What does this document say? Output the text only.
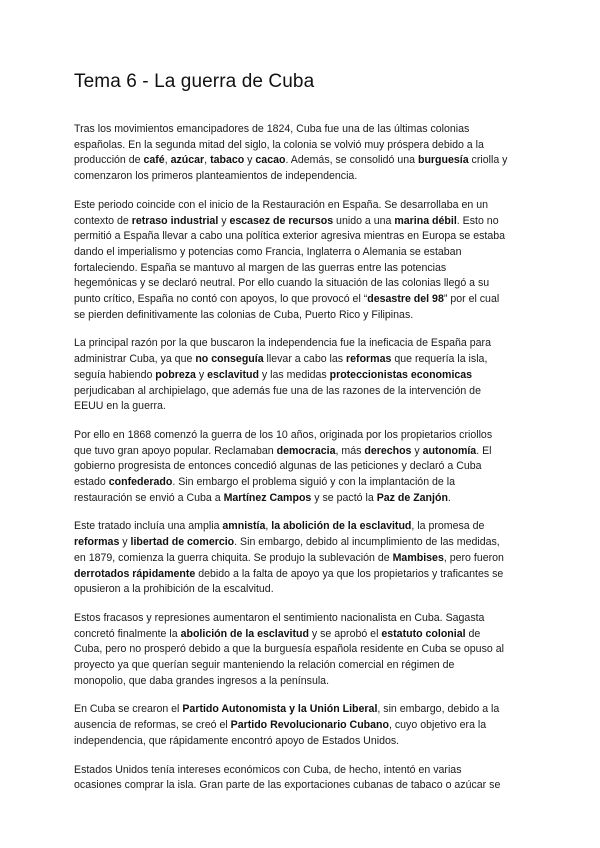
Tema 6 - La guerra de Cuba

Tras los movimientos emancipadores de 1824, Cuba fue una de las últimas colonias
españolas. En la segunda mitad del siglo, la colonia se volvió muy próspera debido a la
producción de café, azúcar, tabaco y cacao. Además, se consolidó una burguesía criolla y
comenzaron los primeros planteamientos de independencia.

Este periodo coincide con el inicio de la Restauración en España. Se desarrollaba en un
contexto de retraso industrial y escasez de recursos unido a una marina débil. Esto no
permitió a España llevar a cabo una política exterior agresiva mientras en Europa se estaba
dando el imperialismo y potencias como Francia, Inglaterra o Alemania se estaban
fortaleciendo. España se mantuvo al margen de las guerras entre las potencias
hegemónicas y se declaró neutral. Por ello cuando la situación de las colonias llegó a su
punto crítico, España no contó con apoyos, lo que provocó el “desastre del 98” por el cual
se pierden definitivamente las colonias de Cuba, Puerto Rico y Filipinas.

La principal razón por la que buscaron la independencia fue la ineficacia de España para
administrar Cuba, ya que no conseguía llevar a cabo las reformas que requería la isla,
seguía habiendo pobreza y esclavitud y las medidas proteccionistas economicas
perjudicaban al archipielago, que además fue una de las razones de la intervención de
EEUU en la guerra.

Por ello en 1868 comenzó la guerra de los 10 años, originada por los propietarios criollos
que tuvo gran apoyo popular. Reclamaban democracia, más derechos y autonomía. El
gobierno progresista de entonces concedió algunas de las peticiones y declaró a Cuba
estado confederado. Sin embargo el problema siguió y con la implantación de la
restauración se envió a Cuba a Martínez Campos y se pactó la Paz de Zanjón.

Este tratado incluía una amplia amnistía, la abolición de la esclavitud, la promesa de
reformas y libertad de comercio. Sin embargo, debido al incumplimiento de las medidas,
en 1879, comienza la guerra chiquita. Se produjo la sublevación de Mambises, pero fueron
derrotados rápidamente debido a la falta de apoyo ya que los propietarios y traficantes se
opusieron a la prohibición de la escalvitud.

Estos fracasos y represiones aumentaron el sentimiento nacionalista en Cuba. Sagasta
concretó finalmente la abolición de la esclavitud y se aprobó el estatuto colonial de
Cuba, pero no prosperó debido a que la burguesía española residente en Cuba se opuso al
proyecto ya que querían seguir manteniendo la relación comercial en régimen de
monopolio, que daba grandes ingresos a la península.

En Cuba se crearon el Partido Autonomista y la Unión Liberal, sin embargo, debido a la
ausencia de reformas, se creó el Partido Revolucionario Cubano, cuyo objetivo era la
independencia, que rápidamente encontró apoyo de Estados Unidos.

Estados Unidos tenía intereses económicos con Cuba, de hecho, intentó en varias
ocasiones comprar la isla. Gran parte de las exportaciones cubanas de tabaco o azúcar se
